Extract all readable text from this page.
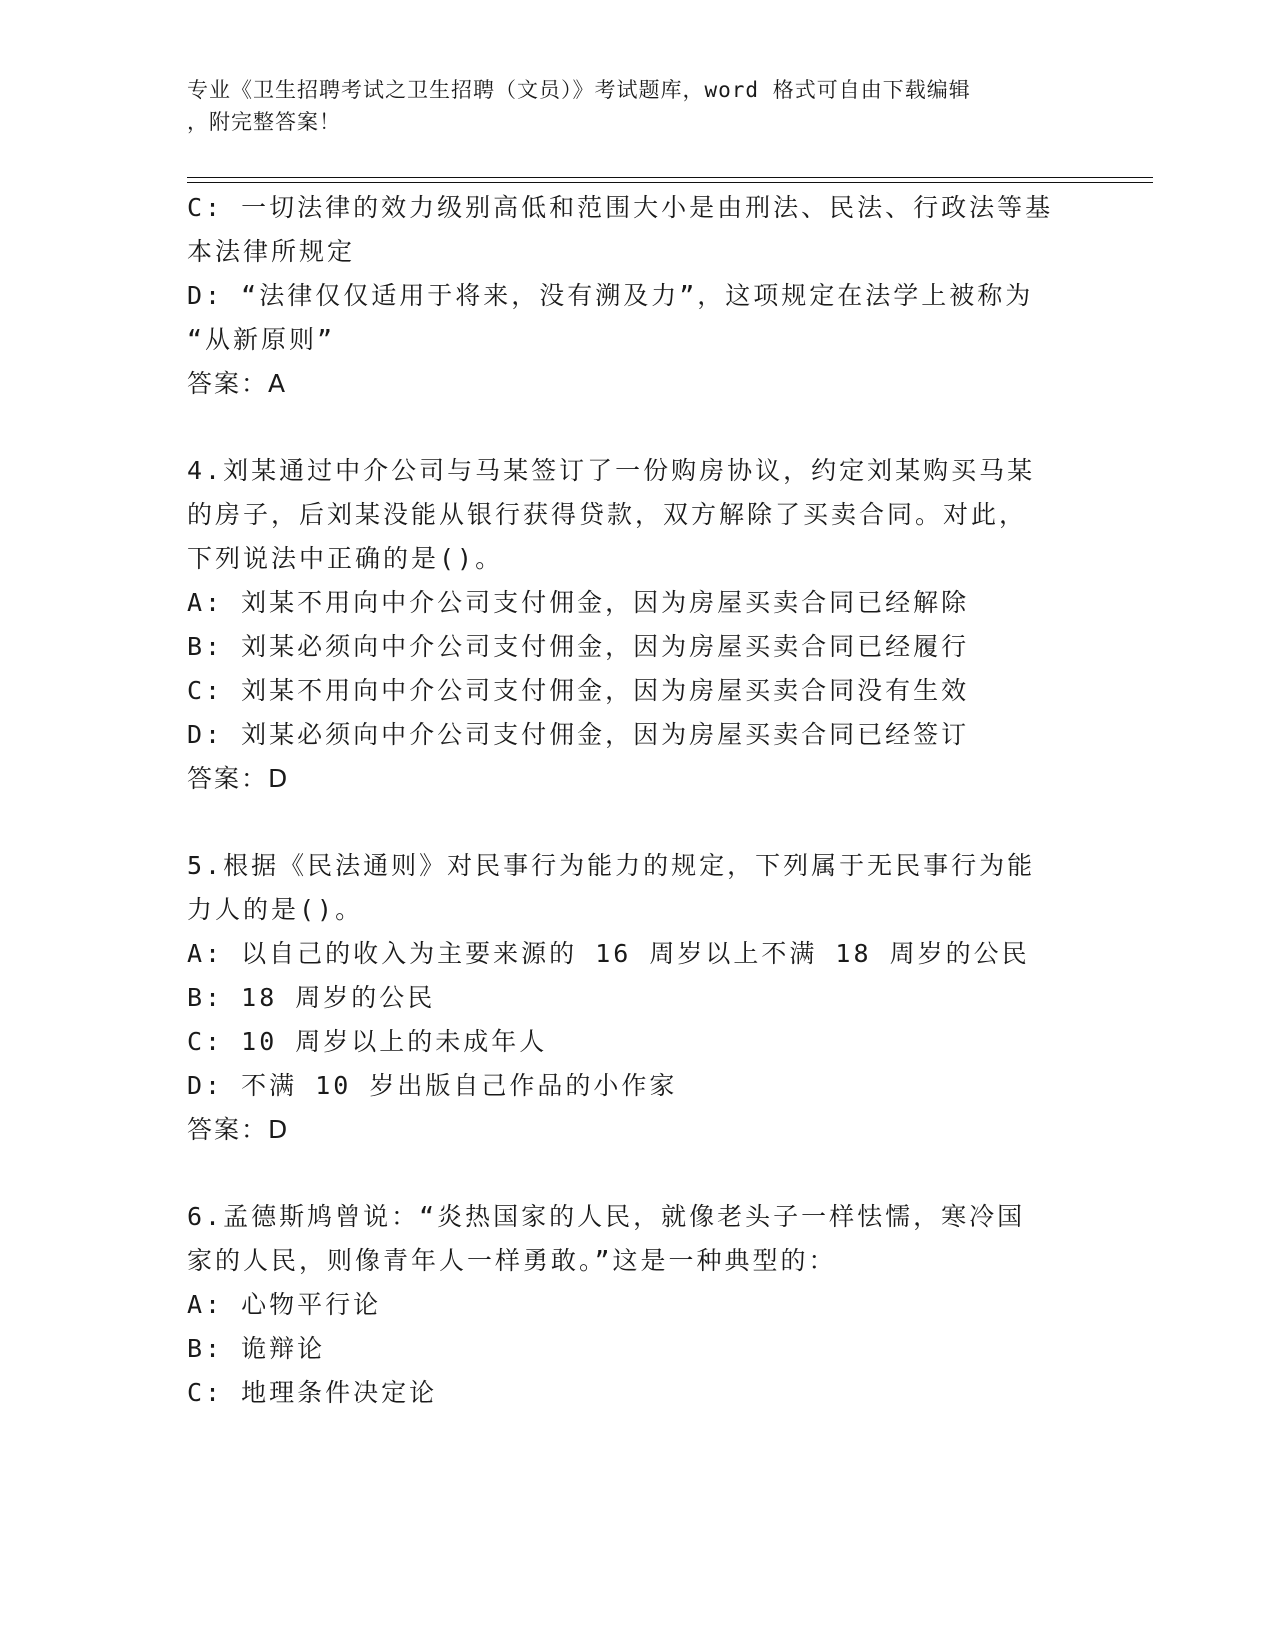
专业《卫生招聘考试之卫生招聘（文员）》考试题库，word 格式可自由下载编辑
，附完整答案！
C: 一切法律的效力级别高低和范围大小是由刑法、民法、行政法等基
本法律所规定
D: “法律仅仅适用于将来，没有溯及力”，这项规定在法学上被称为
“从新原则”
答案：A
4.刘某通过中介公司与马某签订了一份购房协议，约定刘某购买马某
的房子，后刘某没能从银行获得贷款，双方解除了买卖合同。对此，
下列说法中正确的是()。
A: 刘某不用向中介公司支付佣金，因为房屋买卖合同已经解除
B: 刘某必须向中介公司支付佣金，因为房屋买卖合同已经履行
C: 刘某不用向中介公司支付佣金，因为房屋买卖合同没有生效
D: 刘某必须向中介公司支付佣金，因为房屋买卖合同已经签订
答案：D
5.根据《民法通则》对民事行为能力的规定，下列属于无民事行为能
力人的是()。
A: 以自己的收入为主要来源的 16 周岁以上不满 18 周岁的公民
B: 18 周岁的公民
C: 10 周岁以上的未成年人
D: 不满 10 岁出版自己作品的小作家
答案：D
6.孟德斯鸠曾说：“炎热国家的人民，就像老头子一样怯懦，寒冷国
家的人民，则像青年人一样勇敢。”这是一种典型的：
A: 心物平行论
B: 诡辩论
C: 地理条件决定论
